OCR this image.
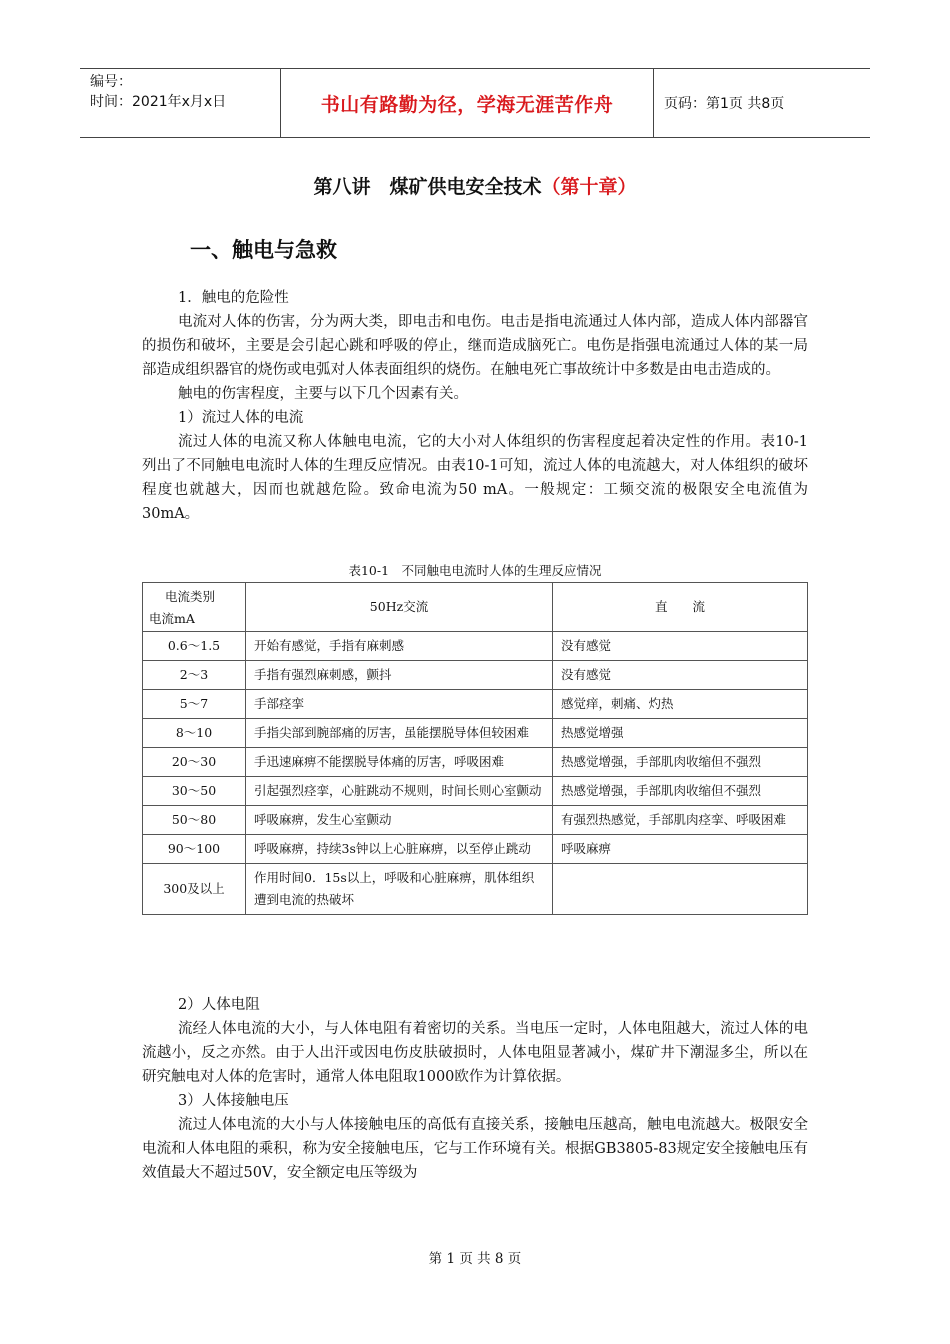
编号：
时间：2021年x月x日	书山有路勤为径，学海无涯苦作舟	页码：第1页 共8页
第八讲　煤矿供电安全技术（第十章）
一、触电与急救

1．触电的危险性

电流对人体的伤害，分为两大类，即电击和电伤。电击是指电流通过人体内部，造成人体内部器官的损伤和破坏，主要是会引起心跳和呼吸的停止，继而造成脑死亡。电伤是指强电流通过人体的某一局部造成组织器官的烧伤或电弧对人体表面组织的烧伤。在触电死亡事故统计中多数是由电击造成的。

触电的伤害程度，主要与以下几个因素有关。

1）流过人体的电流

流过人体的电流又称人体触电电流，它的大小对人体组织的伤害程度起着决定性的作用。表10-1 列出了不同触电电流时人体的生理反应情况。由表10-1可知，流过人体的电流越大，对人体组织的破坏程度也就越大，因而也就越危险。致命电流为50 mA。一般规定：工频交流的极限安全电流值为30mA。

表10-1　不同触电电流时人体的生理反应情况
电流类别
电流mA	50Hz交流	直　　流
0.6～1.5	开始有感觉，手指有麻刺感	没有感觉
2～3	手指有强烈麻刺感，颤抖	没有感觉
5～7	手部痉挛	感觉痒，刺痛、灼热
8～10	手指尖部到腕部痛的厉害，虽能摆脱导体但较困难	热感觉增强
20～30	手迅速麻痹不能摆脱导体痛的厉害，呼吸困难	热感觉增强，手部肌肉收缩但不强烈
30～50	引起强烈痉挛，心脏跳动不规则，时间长则心室颤动	热感觉增强，手部肌肉收缩但不强烈
50～80	呼吸麻痹，发生心室颤动	有强烈热感觉，手部肌肉痉挛、呼吸困难
90～100	呼吸麻痹，持续3s钟以上心脏麻痹，以至停止跳动	呼吸麻痹
300及以上	作用时间0．15s以上，呼吸和心脏麻痹，肌体组织遭到电流的热破坏	

2）人体电阻

流经人体电流的大小，与人体电阻有着密切的关系。当电压一定时，人体电阻越大，流过人体的电流越小，反之亦然。由于人出汗或因电伤皮肤破损时，人体电阻显著减小，煤矿井下潮湿多尘，所以在研究触电对人体的危害时，通常人体电阻取1000欧作为计算依据。

3）人体接触电压

流过人体电流的大小与人体接触电压的高低有直接关系，接触电压越高，触电电流越大。极限安全电流和人体电阻的乘积，称为安全接触电压，它与工作环境有关。根据GB3805-83规定安全接触电压有效值最大不超过50V，安全额定电压等级为

第 1 页 共 8 页
